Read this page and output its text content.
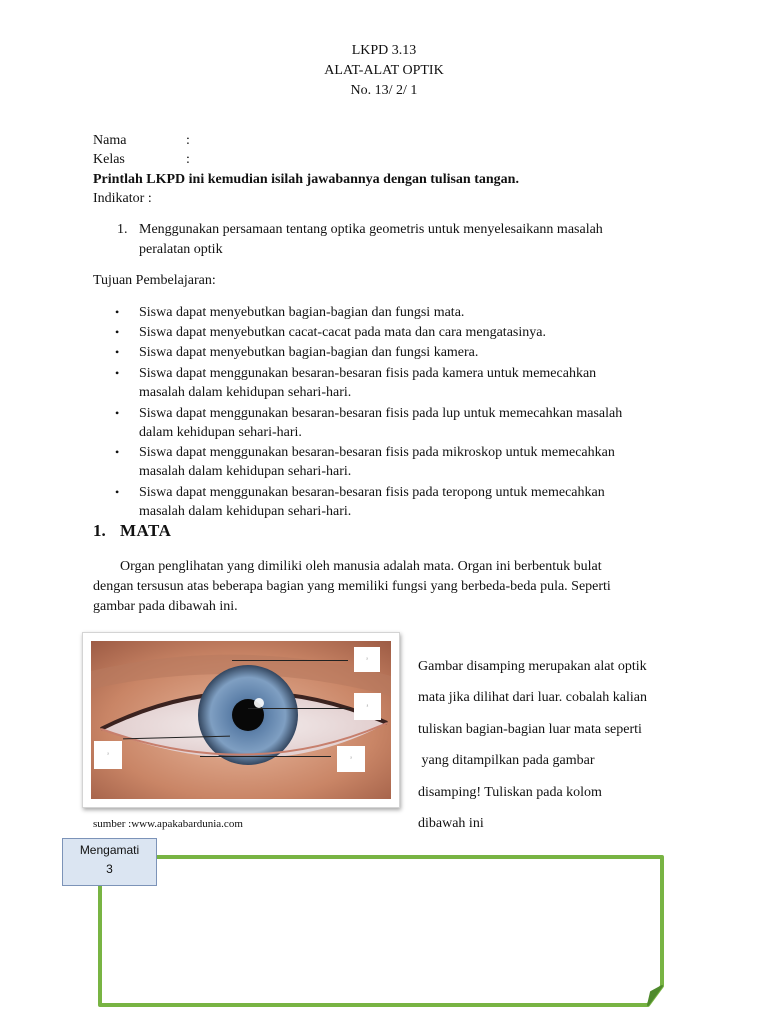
LKPD 3.13
ALAT-ALAT OPTIK
No. 13/ 2/ 1
Nama	:
Kelas	:
Printlah LKPD ini kemudian isilah jawabannya dengan tulisan tangan.
Indikator :
1. Menggunakan persamaan tentang optika geometris untuk menyelesaikann masalah
peralatan optik
Tujuan Pembelajaran:
• Siswa dapat menyebutkan bagian-bagian dan fungsi mata.
• Siswa dapat menyebutkan cacat-cacat pada mata dan cara mengatasinya.
• Siswa dapat menyebutkan bagian-bagian dan fungsi kamera.
• Siswa dapat menggunakan besaran-besaran fisis pada kamera untuk memecahkan
masalah dalam kehidupan sehari-hari.
• Siswa dapat menggunakan besaran-besaran fisis pada lup untuk memecahkan masalah
dalam kehidupan sehari-hari.
• Siswa dapat menggunakan besaran-besaran fisis pada mikroskop untuk memecahkan
masalah dalam kehidupan sehari-hari.
• Siswa dapat menggunakan besaran-besaran fisis pada teropong untuk memecahkan
masalah dalam kehidupan sehari-hari.
1. MATA
Organ penglihatan yang dimiliki oleh manusia adalah mata. Organ ini berbentuk bulat
dengan tersusun atas beberapa bagian yang memiliki fungsi yang berbeda-beda pula. Seperti
gambar pada dibawah ini.
ᵃ
ᵃ
ᵃ
ᵃ
sumber :www.apakabardunia.com
Gambar disamping merupakan alat optik
mata jika dilihat dari luar. cobalah kalian
tuliskan bagian-bagian luar mata seperti
yang ditampilkan pada gambar
disamping! Tuliskan pada kolom
dibawah ini
Mengamati
3
